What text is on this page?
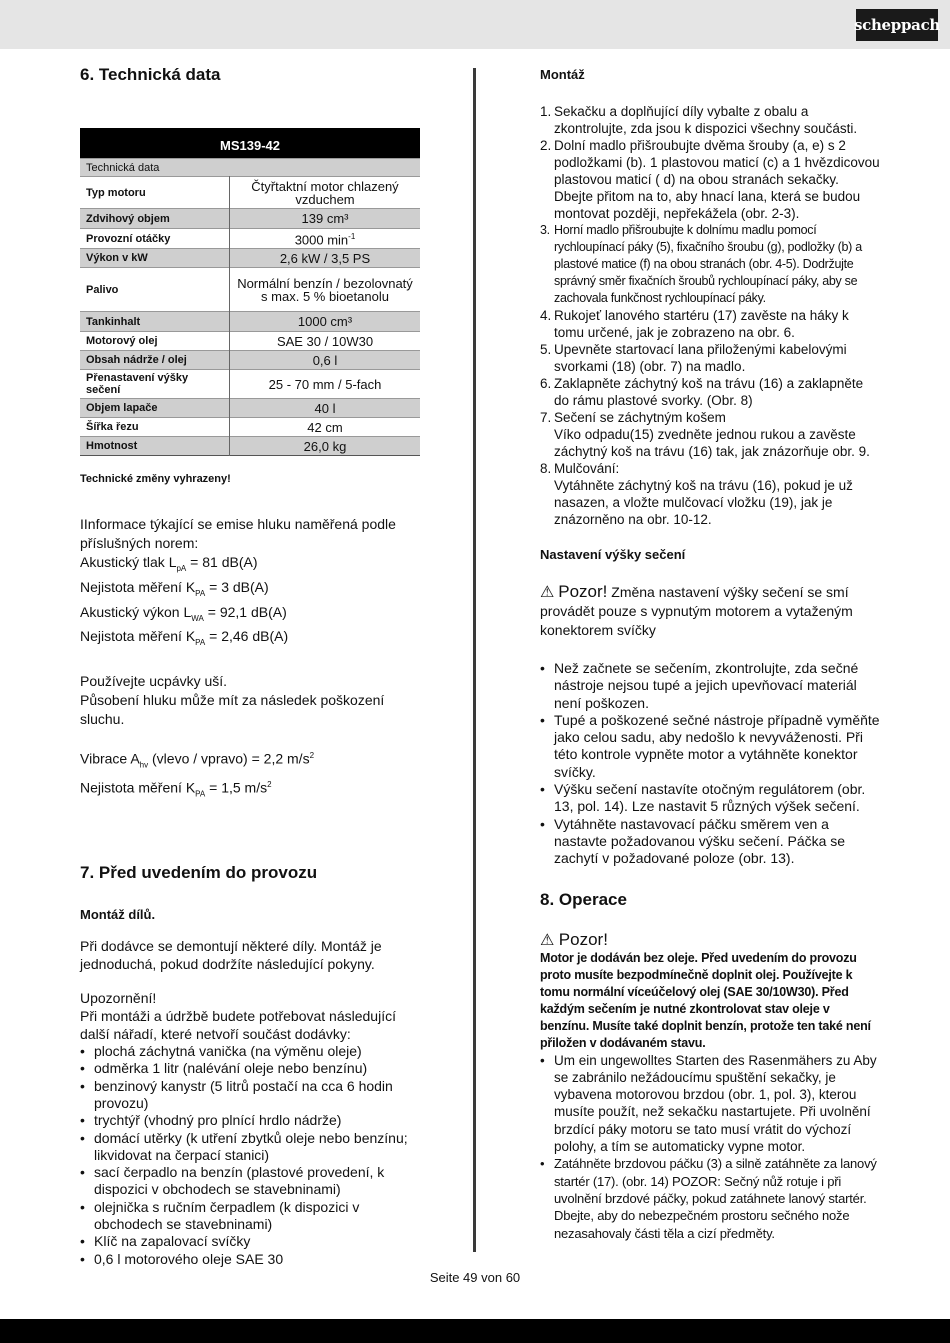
scheppach
6. Technická data
MS139-42	
Technická data	
Typ motoru	Čtyřtaktní motor chlazený vzduchem
Zdvihový objem	139 cm³
Provozní otáčky	3000 $\min^{-1}$
Výkon v kW	2,6 kW / 3,5 PS
Palivo	Normální benzín / bezolovnatý s max. 5 % bioetanolu
Tankinhalt	1000 cm³
Motorový olej	SAE 30 / 10W30
Obsah nádrže / olej	0,6 l
Přenastavení výšky sečení	25 - 70 mm / 5-fach
Objem lapače	40 l
Šířka řezu	42 cm
Hmotnost	26,0 kg
Technické změny vyhrazeny!

IInformace týkající se emise hluku naměřená podle příslušných norem:

Akustický tlak $L_{pA} = 81$ dB(A)

Nejistota měření $K_{PA} = 3$ dB(A)

Akustický výkon $L_{WA} = 92,1$ dB(A)

Nejistota měření $K_{PA} = 2,46$ dB(A)

Používejte ucpávky uší.

Působení hluku může mít za následek poškození sluchu.

Vibrace $A_{hv}$ (vlevo / vpravo) = 2,2 $m/s^2$

Nejistota měření $K_{PA} = 1,5$ $m/s^2$

7. Před uvedením do provozu
Montáž dílů.

Při dodávce se demontují některé díly. Montáž je jednoduchá, pokud dodržíte následující pokyny.

Upozornění!

Při montáži a údržbě budete potřebovat následující další nářadí, které netvoří součást dodávky:

• plochá záchytná vanička (na výměnu oleje)
• odměrka 1 litr (nalévání oleje nebo benzínu)
• benzinový kanystr (5 litrů postačí na cca 6 hodin provozu)
• trychtýř (vhodný pro plnící hrdlo nádrže)
• domácí utěrky (k utření zbytků oleje nebo benzínu; likvidovat na čerpací stanici)
• sací čerpadlo na benzín (plastové provedení, k dispozici v obchodech se stavebninami)
• olejnička s ručním čerpadlem (k dispozici v obchodech se stavebninami)
• Klíč na zapalovací svíčky
• 0,6 l motorového oleje SAE 30
Montáž
1. Sekačku a doplňující díly vybalte z obalu a zkontrolujte, zda jsou k dispozici všechny součásti.
2. Dolní madlo přišroubujte dvěma šrouby (a, e) s 2 podložkami (b). 1 plastovou maticí (c) a 1 hvězdicovou plastovou maticí ( d) na obou stranách sekačky. Dbejte přitom na to, aby hnací lana, která se budou montovat později, nepřekážela (obr. 2-3).
3. Horní madlo přišroubujte k dolnímu madlu pomocí rychloupínací páky (5), fixačního šroubu (g), podložky (b) a plastové matice (f) na obou stranách (obr. 4-5). Dodržujte správný směr fixačních šroubů rychloupínací páky, aby se zachovala funkčnost rychloupínací páky.
4. Rukojeť lanového startéru (17) zavěste na háky k tomu určené, jak je zobrazeno na obr. 6.
5. Upevněte startovací lana přiloženými kabelovými svorkami (18) (obr. 7) na madlo.
6. Zaklapněte záchytný koš na trávu (16) a zaklapněte do rámu plastové svorky. (Obr. 8)
7. Sečení se záchytným košem
Víko odpadu(15) zvedněte jednou rukou a zavěste záchytný koš na trávu (16) tak, jak znázorňuje obr. 9.
8. Mulčování:
Vytáhněte záchytný koš na trávu (16), pokud je už nasazen, a vložte mulčovací vložku (19), jak je znázorněno na obr. 10-12.
Nastavení výšky sečení

⚠ Pozor! Změna nastavení výšky sečení se smí provádět pouze s vypnutým motorem a vytaženým konektorem svíčky

• Než začnete se sečením, zkontrolujte, zda sečné nástroje nejsou tupé a jejich upevňovací materiál není poškozen.
• Tupé a poškozené sečné nástroje případně vyměňte jako celou sadu, aby nedošlo k nevyváženosti. Při této kontrole vypněte motor a vytáhněte konektor svíčky.
• Výšku sečení nastavíte otočným regulátorem (obr. 13, pol. 14). Lze nastavit 5 různých výšek sečení.
• Vytáhněte nastavovací páčku směrem ven a nastavte požadovanou výšku sečení. Páčka se zachytí v požadované poloze (obr. 13).
8. Operace
⚠ Pozor!

Motor je dodáván bez oleje. Před uvedením do provozu proto musíte bezpodmínečně doplnit olej. Používejte k tomu normální víceúčelový olej (SAE 30/10W30). Před každým sečením je nutné zkontrolovat stav oleje v benzínu. Musíte také doplnit benzín, protože ten také není přiložen v dodávaném stavu.

• Um ein ungewolltes Starten des Rasenmähers zu Aby se zabránilo nežádoucímu spuštění sekačky, je vybavena motorovou brzdou (obr. 1, pol. 3), kterou musíte použít, než sekačku nastartujete. Při uvolnění brzdící páky motoru se tato musí vrátit do výchozí polohy, a tím se automaticky vypne motor.
• Zatáhněte brzdovou páčku (3) a silně zatáhněte za lanový startér (17). (obr. 14) POZOR: Sečný nůž rotuje i při uvolnění brzdové páčky, pokud zatáhnete lanový startér. Dbejte, aby do nebezpečném prostoru sečného nože nezasahovaly části těla a cizí předměty.
Seite 49 von 60
